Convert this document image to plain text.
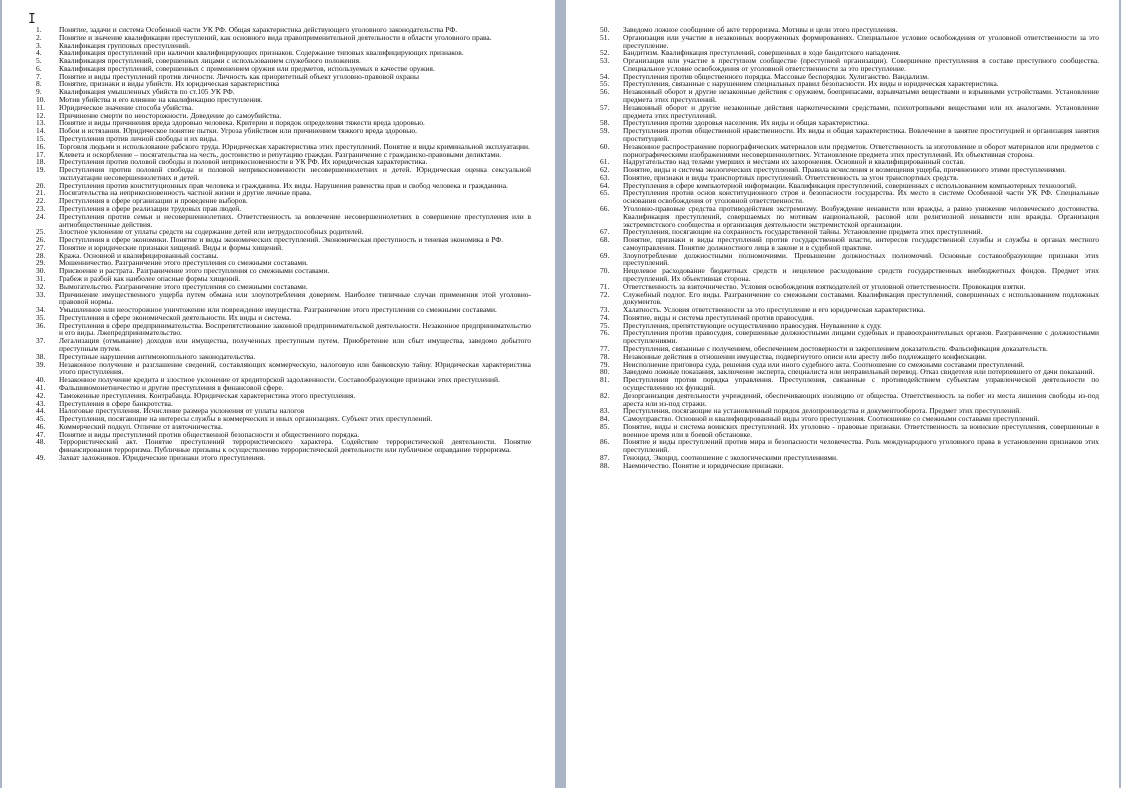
I
1. Понятие, задачи и система Особенной части УК РФ. Общая характеристика действующего уголовного законодательства РФ.
2. Понятие и значение квалификации преступлений, как основного вида правоприменительной деятельности в области уголовного права.
3. Квалификация групповых преступлений.
4. Квалификация преступлений при наличии квалифицирующих признаков. Содержание типовых квалифицирующих признаков.
5. Квалификация преступлений, совершенных лицами с использованием служебного положения.
6. Квалификация преступлений, совершенных с применением оружия или предметов, используемых в качестве оружия.
7. Понятие и виды преступлений против личности. Личность как приоритетный объект уголовно-правовой охраны
8. Понятие, признаки и виды убийств. Их юридическая характеристика
9. Квалификация умышленных убийств по ст.105 УК РФ.
10. Мотив убийства и его влияние на квалификацию преступления.
11. Юридическое значение способа убийства.
12. Причинение смерти по неосторожности. Доведение до самоубийства.
13. Понятие и виды причинения вреда здоровью человека. Критерии и порядок определения тяжести вреда здоровью.
14. Побои и истязания. Юридическое понятие пытки. Угроза убийством или причинением тяжкого вреда здоровью.
15. Преступления против личной свободы и их виды.
16. Торговля людьми и использование рабского труда. Юридическая характеристика этих преступлений. Понятие и виды криминальной эксплуатации.
17. Клевета и оскорбление – посягательства на честь, достоинство и репутацию граждан. Разграничение с гражданско-правовыми деликтами.
18. Преступления против половой свободы и половой неприкосновенности в УК РФ. Их юридическая характеристика.
19. Преступления против половой свободы и половой неприкосновенности несовершеннолетних и детей. Юридическая оценка сексуальной эксплуатации несовершеннолетних и детей.
20. Преступления против конституционных прав человека и гражданина. Их виды. Нарушения равенства прав и свобод человека и гражданина.
21. Посягательства на неприкосновенность частной жизни и другие личные права.
22. Преступления в сфере организации и проведение выборов.
23. Преступления в сфере реализации трудовых прав людей.
24. Преступления против семьи и несовершеннолетних. Ответственность за вовлечение несовершеннолетних в совершение преступления или в антиобщественные действия.
25. Злостное уклонение от уплаты средств на содержание детей или нетрудоспособных родителей.
26. Преступления в сфере экономики. Понятие и виды экономических преступлений. Экономическая преступность и теневая экономика в РФ.
27. Понятие и юридические признаки хищений. Виды и формы хищений.
28. Кража. Основной и квалифицированный составы.
29. Мошенничество. Разграничение этого преступления со смежными составами.
30. Присвоение и растрата. Разграничение этого преступления со смежными составами.
31. Грабеж и разбой как наиболее опасные формы хищений.
32. Вымогательство. Разграничение этого преступления со смежными составами.
33. Причинение имущественного ущерба путем обмана или злоупотребления доверием. Наиболее типичные случаи применения этой уголовно-правовой нормы.
34. Умышленное или неосторожное уничтожение или повреждение имущества. Разграничение этого преступления со смежными составами.
35. Преступления в сфере экономической деятельности. Их виды и система.
36. Преступления в сфере предпринимательства. Воспрепятствование законной предпринимательской деятельности. Незаконное предпринимательство и его виды. Лжепредпринимательство.
37. Легализация (отмывание) доходов или имущества, полученных преступным путем. Приобретение или сбыт имущества, заведомо добытого преступным путем.
38. Преступные нарушения антимонопольного законодательства.
39. Незаконное получение и разглашение сведений, составляющих коммерческую, налоговую или банковскую тайну. Юридическая характеристика этого преступления.
40. Незаконное получение кредита и злостное уклонение от кредиторской задолженности. Составообразующие признаки этих преступлений.
41. Фальшивомонетничество и другие преступления в финансовой сфере.
42. Таможенные преступления. Контрабанда. Юридическая характеристика этого преступления.
43. Преступления в сфере банкротства.
44. Налоговые преступления. Исчисление размера уклонения от уплаты налогов
45. Преступления, посягающие на интересы службы в коммерческих и иных организациях. Субъект этих преступлений.
46. Коммерческий подкуп. Отличие от взяточничества.
47. Понятие и виды преступлений против общественной безопасности и общественного порядка.
48. Террористический акт. Понятие преступлений террористического характера. Содействие террористической деятельности. Понятие финансирования терроризма. Публичные призывы к осуществлению террористической деятельности или публичное оправдание терроризма.
49. Захват заложников. Юридические признаки этого преступления.
50. Заведомо ложное сообщение об акте терроризма. Мотивы и цели этого преступления.
51. Организация или участие в незаконных вооруженных формированиях. Специальное условие освобождения от уголовной ответственности за это преступление.
52. Бандитизм. Квалификация преступлений, совершенных в ходе бандитского нападения.
53. Организация или участие в преступном сообществе (преступной организации). Совершение преступления в составе преступного сообщества. Специальное условие освобождения от уголовной ответственности за это преступление.
54. Преступления против общественного порядка. Массовые беспорядки. Хулиганство. Вандализм.
55. Преступления, связанные с нарушением специальных правил безопасности. Их виды и юридическая характеристика.
56. Незаконный оборот и другие незаконные действия с оружием, боеприпасами, взрывчатыми веществами и взрывными устройствами. Установление предмета этих преступлений.
57. Незаконный оборот и другие незаконные действия наркотическими средствами, психотропными веществами или их аналогами. Установление предмета этих преступлений.
58. Преступления против здоровья населения. Их виды и общая характеристика.
59. Преступления против общественной нравственности. Их виды и общая характеристика. Вовлечение в занятие проституцией и организация занятия проституцией.
60. Незаконное распространение порнографических материалов или предметов. Ответственность за изготовление и оборот материалов или предметов с порнографическими изображениями несовершеннолетних. Установление предмета этих преступлений. Их объективная сторона.
61. Надругательство над телами умерших и местами их захоронения. Основной и квалифицированный состав.
62. Понятие, виды и система экологических преступлений. Правила исчисления и возмещения ущерба, причиненного этими преступлениями.
63. Понятие, признаки и виды транспортных преступлений. Ответственность за угон транспортных средств.
64. Преступления в сфере компьютерной информации. Квалификация преступлений, совершенных с использованием компьютерных технологий.
65. Преступления против основ конституционного строя и безопасности государства. Их место в системе Особенной части УК РФ. Специальные основания освобождения от уголовной ответственности.
66. Уголовно-правовые средства противодействия экстремизму. Возбуждение ненависти или вражды, а равно унижение человеческого достоинства. Квалификация преступлений, совершаемых по мотивам национальной, расовой или религиозной ненависти или вражды. Организация экстремистского сообщества и организация деятельности экстремистской организации.
67. Преступления, посягающие на сохранность государственной тайны. Установление предмета этих преступлений.
68. Понятие, признаки и виды преступлений против государственной власти, интересов государственной службы и службы в органах местного самоуправления. Понятие должностного лица в законе и в судебной практике.
69. Злоупотребление должностными полномочиями. Превышение должностных полномочий. Основные составообразующие признаки этих преступлений.
70. Нецелевое расходование бюджетных средств и нецелевое расходование средств государственных внебюджетных фондов. Предмет этих преступлений. Их объективная сторона.
71. Ответственность за взяточничество. Условия освобождения взяткодателей от уголовной ответственности. Провокация взятки.
72. Служебный подлог. Его виды. Разграничение со смежными составами. Квалификация преступлений, совершенных с использованием подложных документов.
73. Халатность. Условия ответственности за это преступление и его юридическая характеристика.
74. Понятие, виды и система преступлений против правосудия.
75. Преступления, препятствующие осуществлению правосудия. Неуважение к суду.
76. Преступления против правосудия, совершенные должностными лицами судебных и правоохранительных органов. Разграничение с должностными преступлениями.
77. Преступления, связанные с получением, обеспечением достоверности и закреплением доказательств. Фальсификация доказательств.
78. Незаконные действия в отношении имущества, подвергнутого описи или аресту либо подлежащего конфискации.
79. Неисполнение приговора суда, решения суда или иного судебного акта. Соотношение со смежными составами преступлений.
80. Заведомо ложные показания, заключение эксперта, специалиста или неправильный перевод. Отказ свидетеля или потерпевшего от дачи показаний.
81. Преступления против порядка управления. Преступления, связанные с противодействием субъектам управленческой деятельности по осуществлению их функций.
82. Дезорганизация деятельности учреждений, обеспечивающих изоляцию от общества. Ответственность за побег из места лишения свободы из-под ареста или из-под стражи.
83. Преступления, посягающие на установленный порядок делопроизводства и документооборота. Предмет этих преступлений.
84. Самоуправство. Основной и квалифицированный виды этого преступления. Соотношение со смежными составами преступлений.
85. Понятие, виды и система воинских преступлений. Их уголовно - правовые признаки. Ответственность за воинские преступления, совершенные в военное время или в боевой обстановке.
86. Понятие и виды преступлений против мира и безопасности человечества. Роль международного уголовного права в установлении признаков этих преступлений.
87. Геноцид. Экоцид, соотношение с экологическими преступлениями.
88. Наемничество. Понятие и юридические признаки.
